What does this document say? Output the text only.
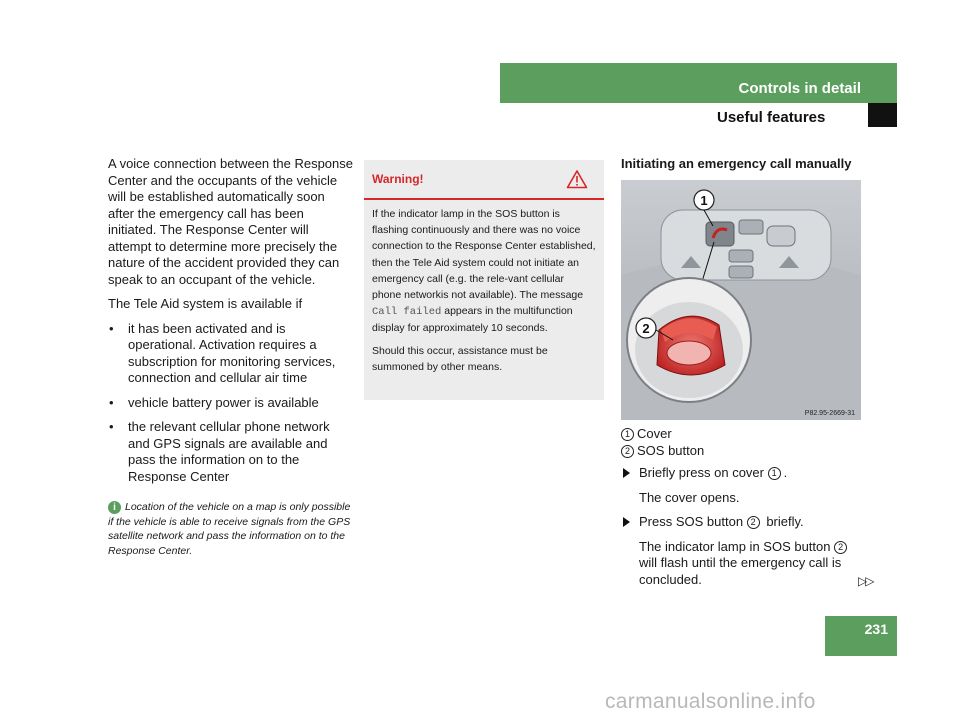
Controls in detail
Useful features

A voice connection between the Response Center and the occupants of the vehicle will be established automatically soon after the emergency call has been initiated. The Response Center will attempt to determine more precisely the nature of the accident provided they can speak to an occupant of the vehicle.

The Tele Aid system is available if

• it has been activated and is operational. Activation requires a subscription for monitoring services, connection and cellular air time
• vehicle battery power is available
• the relevant cellular phone network and GPS signals are available and pass the information on to the Response Center
i Location of the vehicle on a map is only possible if the vehicle is able to receive signals from the GPS satellite network and pass the information on to the Response Center.
Warning!

If the indicator lamp in the SOS button is flashing continuously and there was no voice connection to the Response Center established, then the Tele Aid system could not initiate an emergency call (e.g. the rele-vant cellular phone networkis not available). The message Call failed appears in the multifunction display for approximately 10 seconds.

Should this occur, assistance must be summoned by other means.

Initiating an emergency call manually

1
2
P82.95-2669-31
1 Cover
2 SOS button
Briefly press on cover 1 .
The cover opens.
Press SOS button 2 briefly.
The indicator lamp in SOS button 2 will flash until the emergency call is concluded.	▷▷
231
carmanualsonline.info
